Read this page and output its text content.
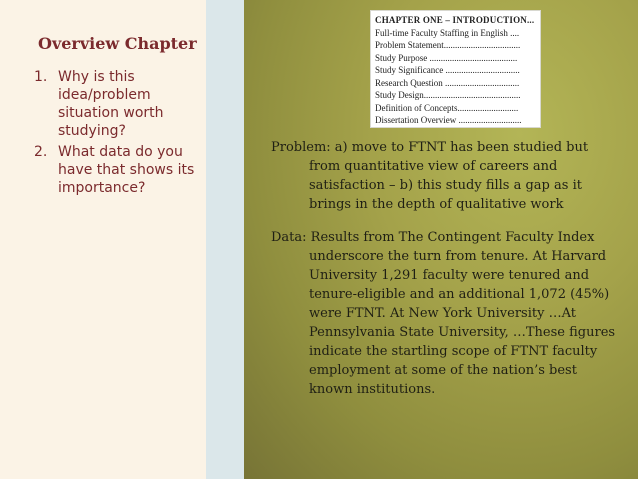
Overview Chapter
1. Why is this idea/problem situation worth studying?
2. What data do you have that shows its importance?
CHAPTER ONE – INTRODUCTION...
Full-time Faculty Staffing in English ....
Problem Statement..................................
Study Purpose .......................................
Study Significance .................................
Research Question .................................
Study Design...........................................
Definition of Concepts...........................
Dissertation Overview ............................

Problem: a) move to FTNT has been studied but from quantitative view of careers and satisfaction – b) this study fills a gap as it brings in the depth of qualitative work

Data: Results from The Contingent Faculty Index underscore the turn from tenure. At Harvard University 1,291 faculty were tenured and tenure-eligible and an additional 1,072 (45%) were FTNT. At New York University …At Pennsylvania State University, …These figures indicate the startling scope of FTNT faculty employment at some of the nation’s best known institutions.
